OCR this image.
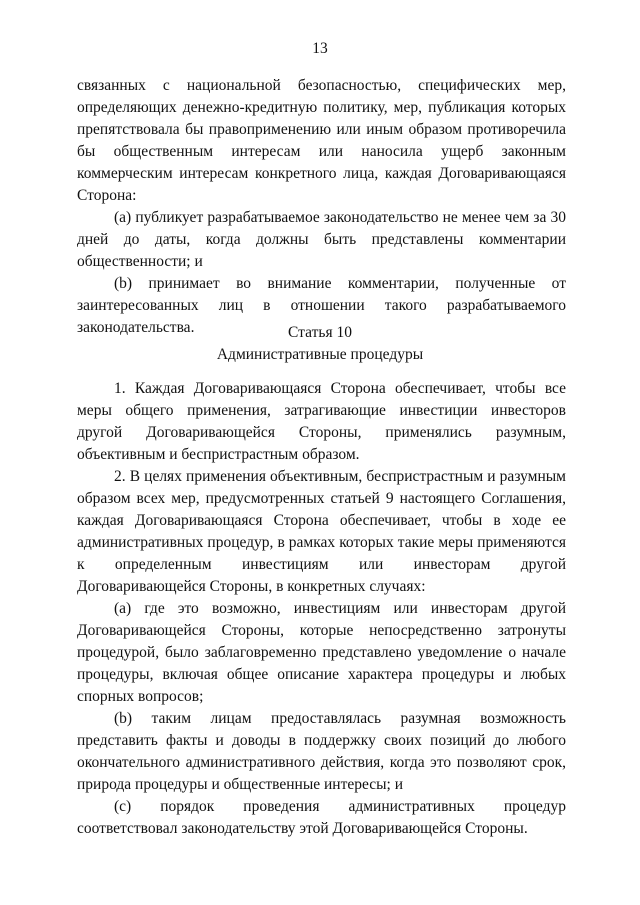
13

связанных с национальной безопасностью, специфических мер, определяющих денежно-кредитную политику, мер, публикация которых препятствовала бы правоприменению или иным образом противоречила бы общественным интересам или наносила ущерб законным коммерческим интересам конкретного лица, каждая Договаривающаяся Сторона:

(a) публикует разрабатываемое законодательство не менее чем за 30 дней до даты, когда должны быть представлены комментарии общественности; и

(b) принимает во внимание комментарии, полученные от заинтересованных лиц в отношении такого разрабатываемого законодательства.	Статья 10
Административные процедуры

1. Каждая Договаривающаяся Сторона обеспечивает, чтобы все меры общего применения, затрагивающие инвестиции инвесторов другой Договаривающейся Стороны, применялись разумным, объективным и беспристрастным образом.

2. В целях применения объективным, беспристрастным и разумным образом всех мер, предусмотренных статьей 9 настоящего Соглашения, каждая Договаривающаяся Сторона обеспечивает, чтобы в ходе ее административных процедур, в рамках которых такие меры применяются к определенным инвестициям или инвесторам другой Договаривающейся Стороны, в конкретных случаях:

(a) где это возможно, инвестициям или инвесторам другой Договаривающейся Стороны, которые непосредственно затронуты процедурой, было заблаговременно представлено уведомление о начале процедуры, включая общее описание характера процедуры и любых спорных вопросов;

(b) таким лицам предоставлялась разумная возможность представить факты и доводы в поддержку своих позиций до любого окончательного административного действия, когда это позволяют срок, природа процедуры и общественные интересы; и

(c) порядок проведения административных процедур соответствовал законодательству этой Договаривающейся Стороны.
